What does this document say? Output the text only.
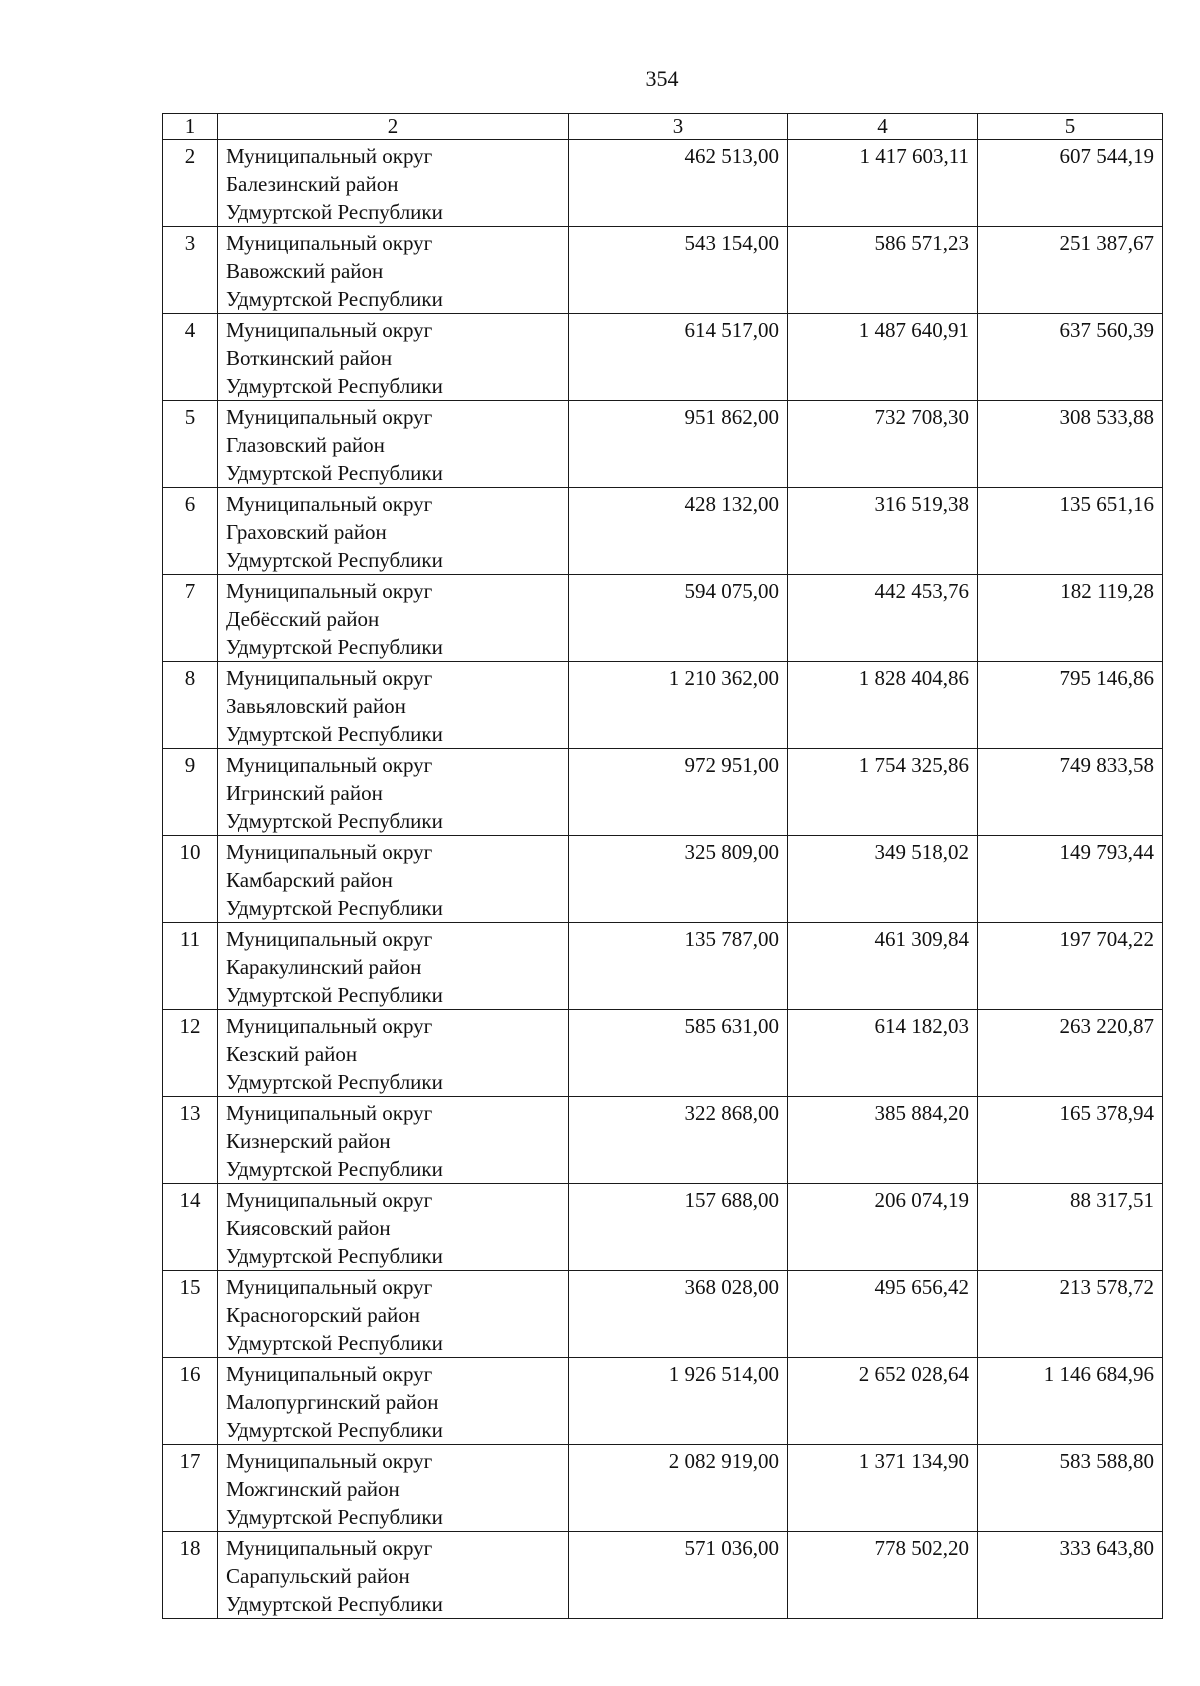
354
1	2	3	4	5
2	Муниципальный округ
Балезинский район
Удмуртской Республики	462 513,00	1 417 603,11	607 544,19
3	Муниципальный округ
Вавожский район
Удмуртской Республики	543 154,00	586 571,23	251 387,67
4	Муниципальный округ
Воткинский район
Удмуртской Республики	614 517,00	1 487 640,91	637 560,39
5	Муниципальный округ
Глазовский район
Удмуртской Республики	951 862,00	732 708,30	308 533,88
6	Муниципальный округ
Граховский район
Удмуртской Республики	428 132,00	316 519,38	135 651,16
7	Муниципальный округ
Дебёсский район
Удмуртской Республики	594 075,00	442 453,76	182 119,28
8	Муниципальный округ
Завьяловский район
Удмуртской Республики	1 210 362,00	1 828 404,86	795 146,86
9	Муниципальный округ
Игринский район
Удмуртской Республики	972 951,00	1 754 325,86	749 833,58
10	Муниципальный округ
Камбарский район
Удмуртской Республики	325 809,00	349 518,02	149 793,44
11	Муниципальный округ
Каракулинский район
Удмуртской Республики	135 787,00	461 309,84	197 704,22
12	Муниципальный округ
Кезский район
Удмуртской Республики	585 631,00	614 182,03	263 220,87
13	Муниципальный округ
Кизнерский район
Удмуртской Республики	322 868,00	385 884,20	165 378,94
14	Муниципальный округ
Киясовский район
Удмуртской Республики	157 688,00	206 074,19	88 317,51
15	Муниципальный округ
Красногорский район
Удмуртской Республики	368 028,00	495 656,42	213 578,72
16	Муниципальный округ
Малопургинский район
Удмуртской Республики	1 926 514,00	2 652 028,64	1 146 684,96
17	Муниципальный округ
Можгинский район
Удмуртской Республики	2 082 919,00	1 371 134,90	583 588,80
18	Муниципальный округ
Сарапульский район
Удмуртской Республики	571 036,00	778 502,20	333 643,80
